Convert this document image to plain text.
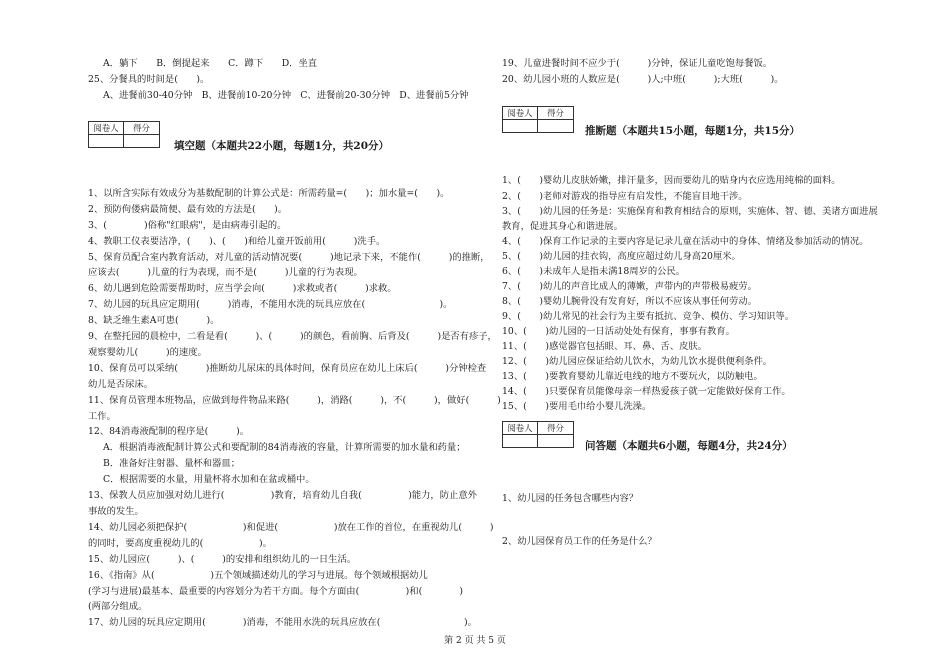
A．躺下　　B．倒提起来　　C．蹲下　　D．坐直
25、分餐具的时间是(　　)。
A、进餐前30-40分钟　B、进餐前10-20分钟　C、进餐前20-30分钟　D、进餐前5分钟
阅卷人	得分
填空题（本题共22小题，每题1分，共20分）
1、以所含实际有效成分为基数配制的计算公式是：所需药量=(　　)；加水量=(　　)。
2、预防佝偻病最简便、最有效的方法是(　　)。
3、(　　　　)俗称"红眼病"，是由病毒引起的。
4、教职工仪表要洁净，(　　)、(　　)和给儿童开饭前用(　　　)洗手。
5、保育员配合室内教育活动，对儿童的活动情况要(　　　)地记录下来，不能作(　　　)的推断，
应该去(　　　)儿童的行为表现，而不是(　　　)儿童的行为表现。
6、幼儿遇到危险需要帮助时，应当学会向(　　　)求救或者(　　　)求救。
7、幼儿园的玩具应定期用(　　　)消毒，不能用水洗的玩具应放在(　　　　　　　　)。
8、缺乏维生素A可患(　　　)。
9、在整托园的晨检中，二看是看(　　　)、(　　　)的颜色，看前胸、后背及(　　　)是否有疹子，
观察婴幼儿(　　　)的速度。
10、保育员可以采纳(　　　)推断幼儿尿床的具体时间，保育员应在幼儿上床后(　　　)分钟检查
幼儿是否尿床。
11、保育员管理本班物品，应做到每件物品来路(　　　)，消路(　　　)，不(　　　)，做好(　　　)
工作。
12、84消毒液配制的程序是(　　　)。
A．根据消毒液配制计算公式和要配制的84消毒液的容量，计算所需要的加水量和药量；
B．准备好注射器、量杯和器皿；
C．根据需要的水量，用量杯将水加和在盆或桶中。
13、保教人员应加强对幼儿进行(　　　　　)教育，培育幼儿自我(　　　　　)能力，防止意外
事故的发生。
14、幼儿园必须把保护(　　　　　　)和促进(　　　　　　)放在工作的首位，在重视幼儿(　　　)
的同时，要高度重视幼儿的(　　　　　　)。
15、幼儿园应(　　　)、(　　　)的安排和组织幼儿的一日生活。
16、《指南》从(　　　　　　)五个领域描述幼儿的学习与进展。每个领域根据幼儿
(学习与进展)最基本、最重要的内容划分为若干方面。每个方面由(　　　　　)和(　　　　)
(两部分组成。
17、幼儿园的玩具应定期用(　　　　)消毒，不能用水洗的玩具应放在(　　　　　　　　　)。
19、儿童进餐时间不应少于(　　　)分钟，保证儿童吃饱每餐饭。
20、幼儿园小班的人数应是(　　　)人;中班(　　　);大班(　　　)。
阅卷人	得分
推断题（本题共15小题，每题1分，共15分）
1、(　　)婴幼儿皮肤娇嫩，排汗量多，因而要幼儿的贴身内衣应选用纯棉的面料。
2、(　　)老师对游戏的指导应有启发性，不能盲目地干涉。
3、(　　)幼儿园的任务是：实施保育和教育相结合的原则，实施体、智、德、美诸方面进展
教育，促进其身心和谐进展。
4、(　　)保育工作记录的主要内容是记录儿童在活动中的身体、情绪及参加活动的情况。
5、(　　)幼儿园的挂衣钩，高度应超过幼儿身高20厘米。
6、(　　)未成年人是指未满18周岁的公民。
7、(　　)幼儿的声音比成人的薄嫩，声带内的声带极易疲劳。
8、(　　)婴幼儿腕骨没有发育好，所以不应该从事任何劳动。
9、(　　)幼儿常见的社会行为主要有抵抗、竞争、模仿、学习知识等。
10、(　　)幼儿园的一日活动处处有保育，事事有教育。
11、(　　)感觉器官包括眼、耳、鼻、舌、皮肤。
12、(　　)幼儿园应保证给幼儿饮水，为幼儿饮水提供便利条件。
13、(　　)要教育婴幼儿靠近电线的地方不要玩火，以防触电。
14、(　　)只要保育员能像母亲一样热爱孩子就一定能做好保育工作。
15、(　　)要用毛巾给小婴儿洗澡。
阅卷人	得分
问答题（本题共6小题，每题4分，共24分）
1、幼儿园的任务包含哪些内容？
2、幼儿园保育员工作的任务是什么？
第 2 页 共 5 页
